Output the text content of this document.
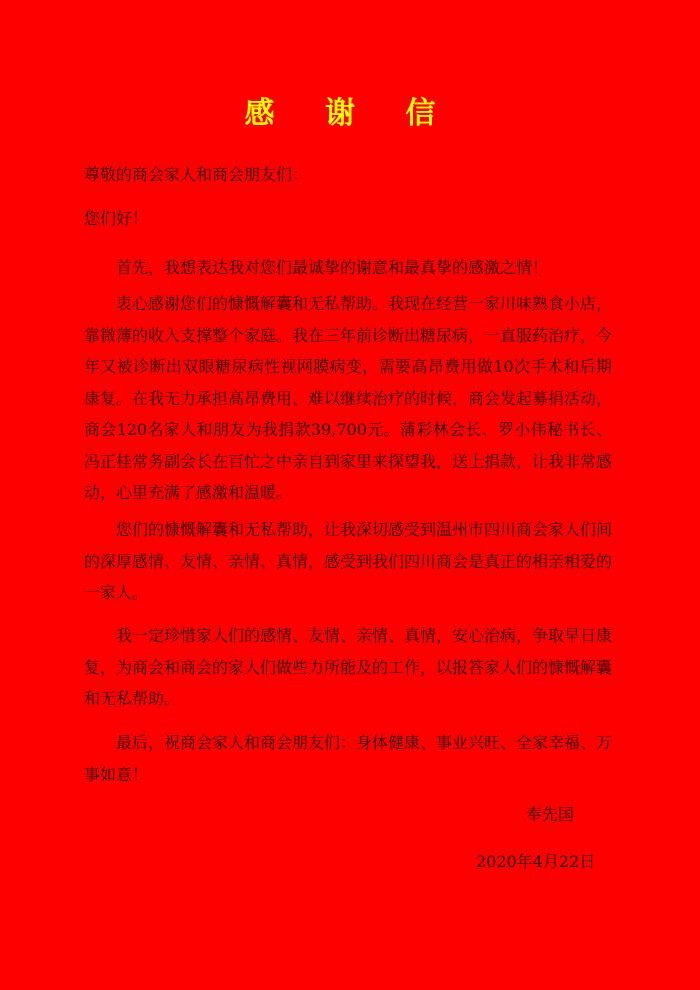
感 谢 信
尊敬的商会家人和商会朋友们：
您们好！
首先，我想表达我对您们最诚挚的谢意和最真挚的感激之情！
衷心感谢您们的慷慨解囊和无私帮助。我现在经营一家川味熟食小店，靠微薄的收入支撑整个家庭。我在三年前诊断出糖尿病，一直服药治疗，今年又被诊断出双眼糖尿病性视网膜病变，需要高昂费用做10次手术和后期康复。在我无力承担高昂费用、难以继续治疗的时候，商会发起募捐活动，商会120名家人和朋友为我捐款39,700元。蒲彩林会长、罗小伟秘书长、冯正桂常务副会长在百忙之中亲自到家里来探望我，送上捐款，让我非常感动，心里充满了感激和温暖。
您们的慷慨解囊和无私帮助，让我深切感受到温州市四川商会家人们间的深厚感情、友情、亲情、真情，感受到我们四川商会是真正的相亲相爱的一家人。
我一定珍惜家人们的感情、友情、亲情、真情，安心治病，争取早日康复，为商会和商会的家人们做些力所能及的工作，以报答家人们的慷慨解囊和无私帮助。
最后，祝商会家人和商会朋友们：身体健康、事业兴旺、全家幸福、万事如意！
奉先国
2020年4月22日
